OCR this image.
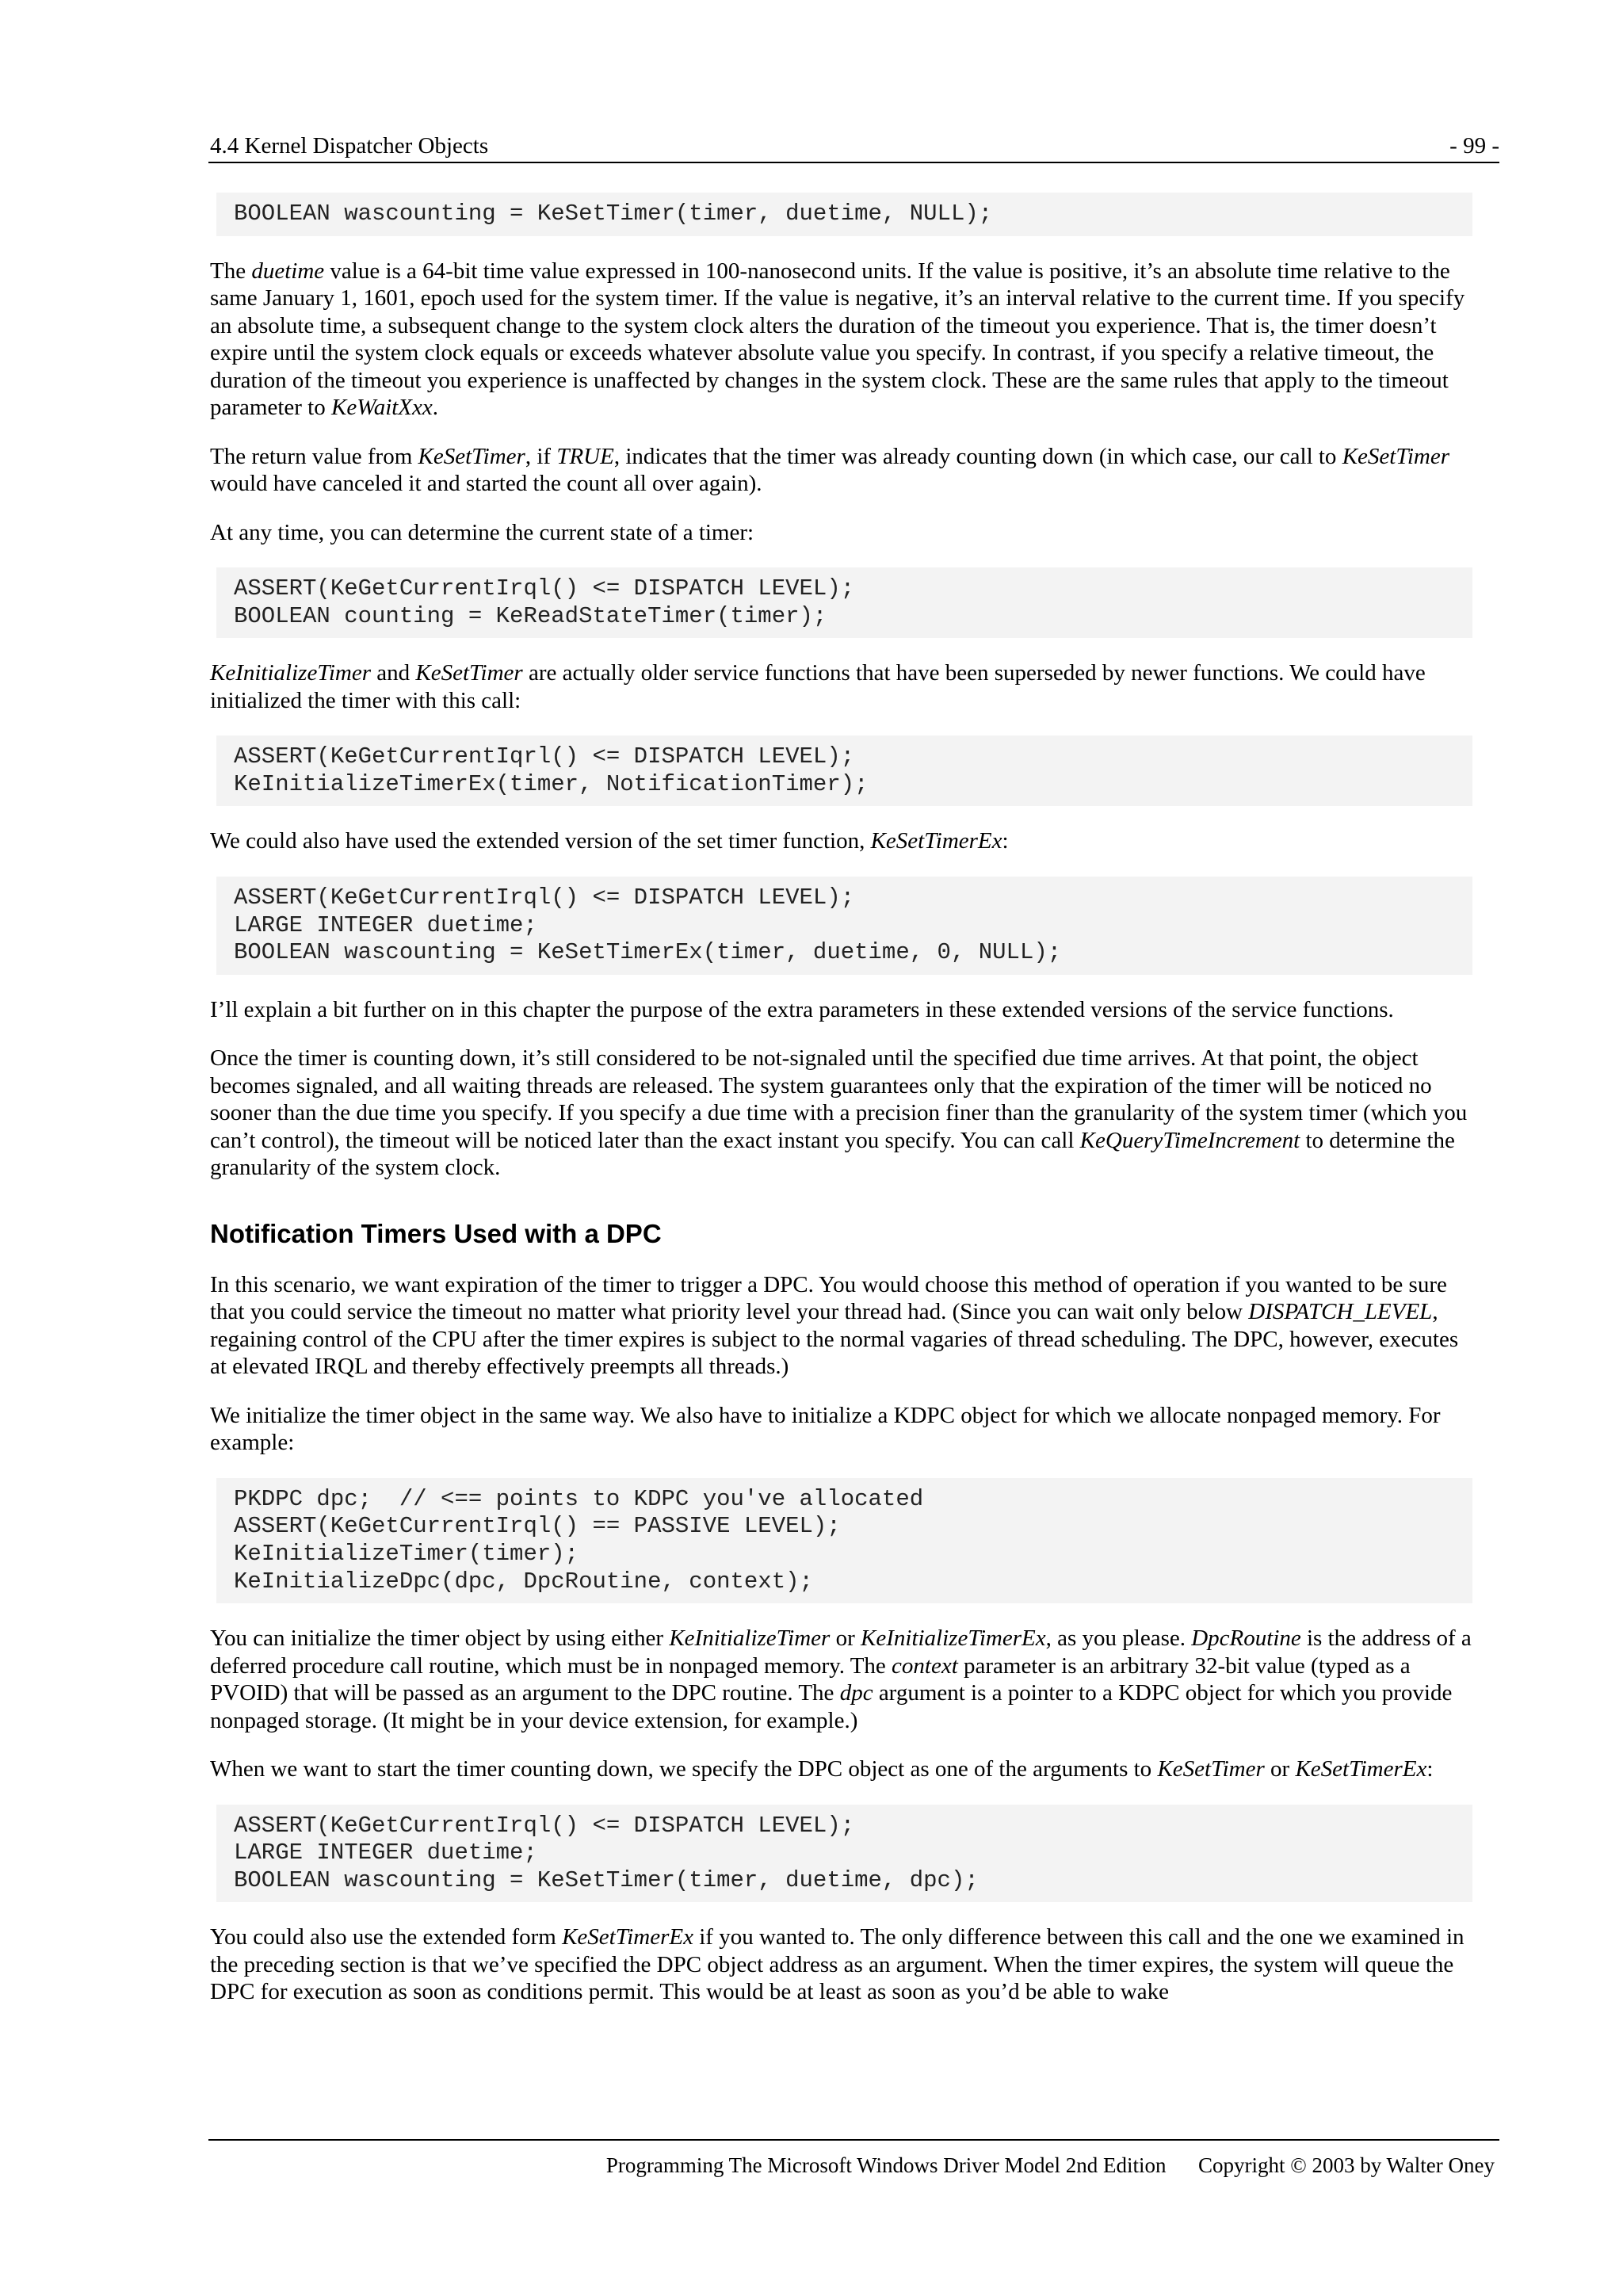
4.4 Kernel Dispatcher Objects	- 99 -
BOOLEAN wascounting = KeSetTimer(timer, duetime, NULL);

The duetime value is a 64-bit time value expressed in 100-nanosecond units. If the value is positive, it’s an absolute time relative to the same January 1, 1601, epoch used for the system timer. If the value is negative, it’s an interval relative to the current time. If you specify an absolute time, a subsequent change to the system clock alters the duration of the timeout you experience. That is, the timer doesn’t expire until the system clock equals or exceeds whatever absolute value you specify. In contrast, if you specify a relative timeout, the duration of the timeout you experience is unaffected by changes in the system clock. These are the same rules that apply to the timeout parameter to KeWaitXxx.

The return value from KeSetTimer, if TRUE, indicates that the timer was already counting down (in which case, our call to KeSetTimer would have canceled it and started the count all over again).

At any time, you can determine the current state of a timer:

ASSERT(KeGetCurrentIrql() <= DISPATCH LEVEL);
BOOLEAN counting = KeReadStateTimer(timer);

KeInitializeTimer and KeSetTimer are actually older service functions that have been superseded by newer functions. We could have initialized the timer with this call:

ASSERT(KeGetCurrentIqrl() <= DISPATCH LEVEL);
KeInitializeTimerEx(timer, NotificationTimer);

We could also have used the extended version of the set timer function, KeSetTimerEx:

ASSERT(KeGetCurrentIrql() <= DISPATCH LEVEL);
LARGE INTEGER duetime;
BOOLEAN wascounting = KeSetTimerEx(timer, duetime, 0, NULL);

I’ll explain a bit further on in this chapter the purpose of the extra parameters in these extended versions of the service functions.

Once the timer is counting down, it’s still considered to be not-signaled until the specified due time arrives. At that point, the object becomes signaled, and all waiting threads are released. The system guarantees only that the expiration of the timer will be noticed no sooner than the due time you specify. If you specify a due time with a precision finer than the granularity of the system timer (which you can’t control), the timeout will be noticed later than the exact instant you specify. You can call KeQueryTimeIncrement to determine the granularity of the system clock.

Notification Timers Used with a DPC

In this scenario, we want expiration of the timer to trigger a DPC. You would choose this method of operation if you wanted to be sure that you could service the timeout no matter what priority level your thread had. (Since you can wait only below DISPATCH_LEVEL, regaining control of the CPU after the timer expires is subject to the normal vagaries of thread scheduling. The DPC, however, executes at elevated IRQL and thereby effectively preempts all threads.)

We initialize the timer object in the same way. We also have to initialize a KDPC object for which we allocate nonpaged memory. For example:

PKDPC dpc;  // <== points to KDPC you've allocated
ASSERT(KeGetCurrentIrql() == PASSIVE LEVEL);
KeInitializeTimer(timer);
KeInitializeDpc(dpc, DpcRoutine, context);

You can initialize the timer object by using either KeInitializeTimer or KeInitializeTimerEx, as you please. DpcRoutine is the address of a deferred procedure call routine, which must be in nonpaged memory. The context parameter is an arbitrary 32-bit value (typed as a PVOID) that will be passed as an argument to the DPC routine. The dpc argument is a pointer to a KDPC object for which you provide nonpaged storage. (It might be in your device extension, for example.)

When we want to start the timer counting down, we specify the DPC object as one of the arguments to KeSetTimer or KeSetTimerEx:

ASSERT(KeGetCurrentIrql() <= DISPATCH LEVEL);
LARGE INTEGER duetime;
BOOLEAN wascounting = KeSetTimer(timer, duetime, dpc);

You could also use the extended form KeSetTimerEx if you wanted to. The only difference between this call and the one we examined in the preceding section is that we’ve specified the DPC object address as an argument. When the timer expires, the system will queue the DPC for execution as soon as conditions permit. This would be at least as soon as you’d be able to wake

Programming The Microsoft Windows Driver Model 2nd Edition Copyright © 2003 by Walter Oney
